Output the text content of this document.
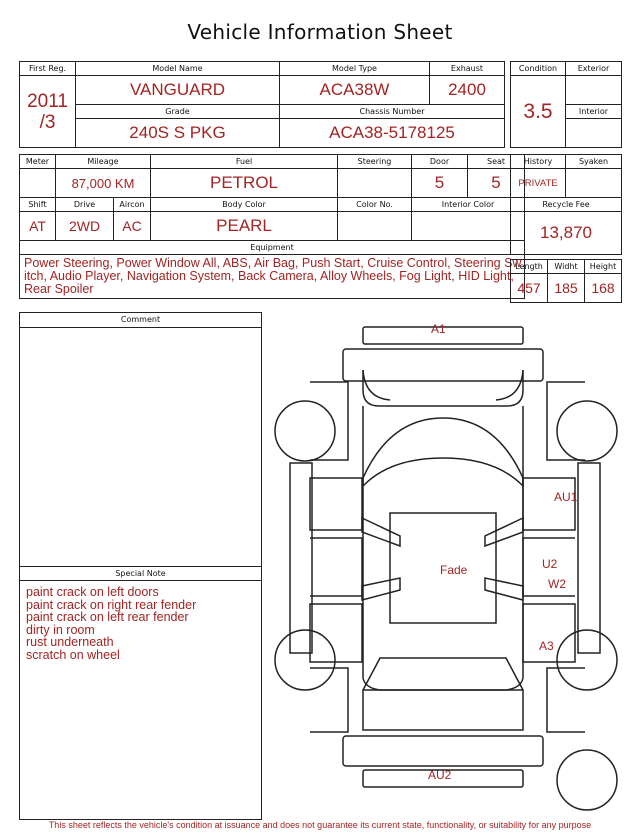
Vehicle Information Sheet
First Reg.	Model Name	Model Type	Exhaust

2011
/3	VANGUARD	ACA38W	2400
	Grade	Chassis Number	
	240S S PKG	ACA38-5178125	
Condition	Exterior
3.5	
	Interior

Meter	Mileage		Fuel	Steering	Door	Seat
	87,000 KM		PETROL		5	5
Shift	Drive	Aircon	Body Color	Color No.	Interior Color	
AT	2WD	AC	PEARL			
Equipment						

Power Steering, Power Window All, ABS, Air Bag, Push Start, Cruise Control, Steering Switch, Audio Player, Navigation System, Back Camera, Alloy Wheels, Fog Light, HID Light, Rear Spoiler						
History	Syaken
PRIVATE	
Recycle Fee	
13,870	
Length	Widht	Height
457	185	168
Comment
Special Note
paint crack on left doors
paint crack on right rear fender
paint crack on left rear fender
dirty in room
rust underneath
scratch on wheel
A1
AU1
Fade	U2
W2
A3
AU2
This sheet reflects the vehicle's condition at issuance and does not guarantee its current state, functionality, or suitability for any purpose
